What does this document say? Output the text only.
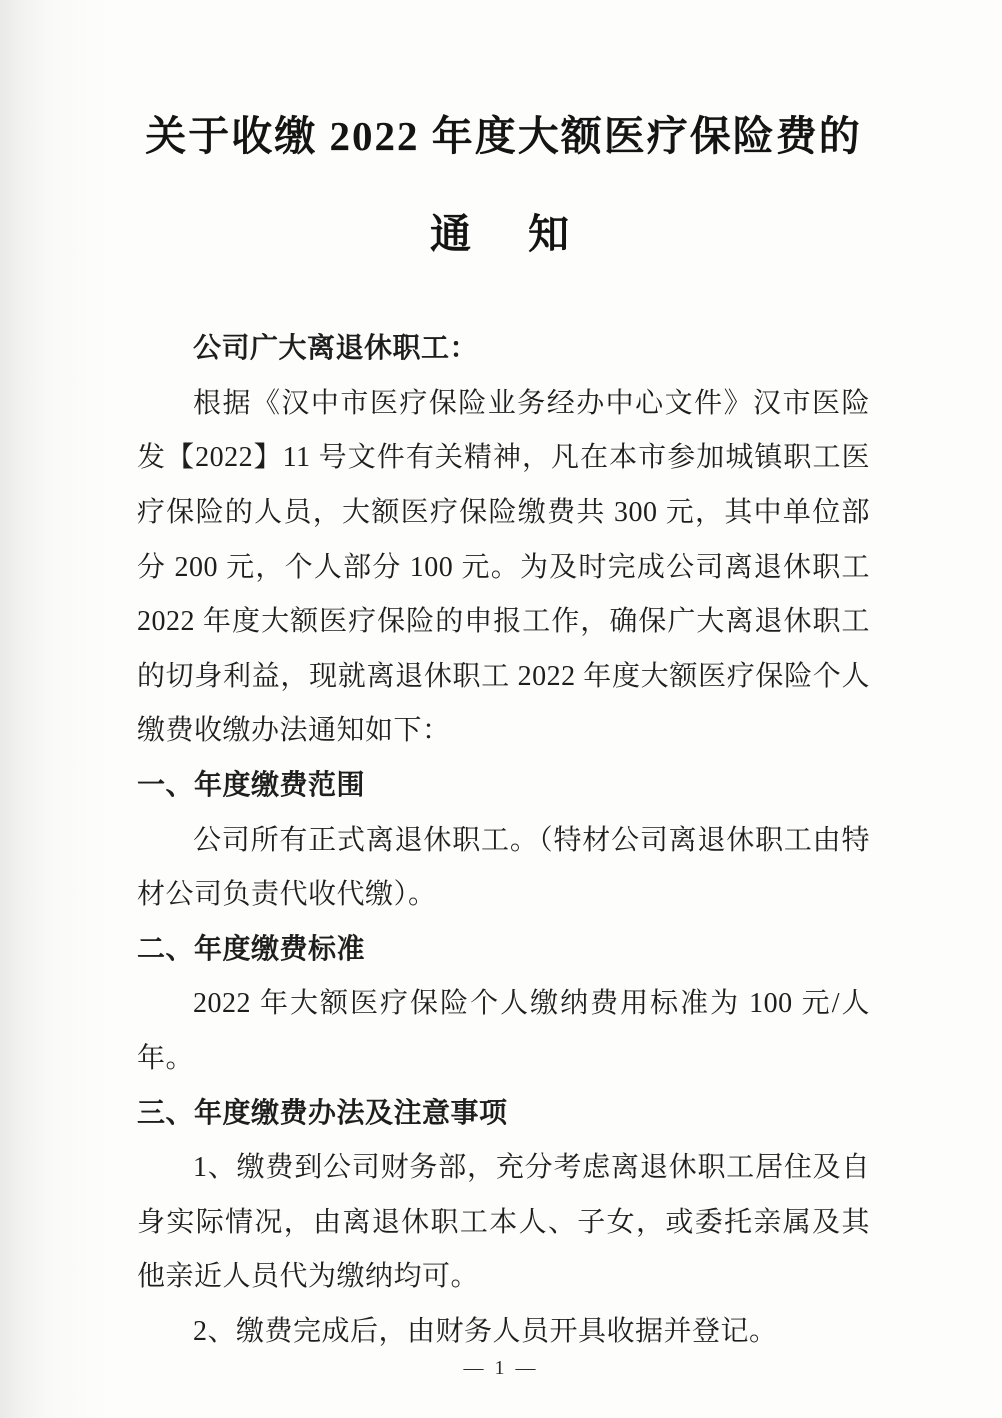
关于收缴 2022 年度大额医疗保险费的
通　知

公司广大离退休职工：

根据《汉中市医疗保险业务经办中心文件》汉市医险发【2022】11 号文件有关精神，凡在本市参加城镇职工医疗保险的人员，大额医疗保险缴费共 300 元，其中单位部分 200 元，个人部分 100 元。为及时完成公司离退休职工 2022 年度大额医疗保险的申报工作，确保广大离退休职工的切身利益，现就离退休职工 2022 年度大额医疗保险个人缴费收缴办法通知如下：

一、年度缴费范围

公司所有正式离退休职工。（特材公司离退休职工由特材公司负责代收代缴）。

二、年度缴费标准

2022 年大额医疗保险个人缴纳费用标准为 100 元/人年。

三、年度缴费办法及注意事项

1、缴费到公司财务部，充分考虑离退休职工居住及自身实际情况，由离退休职工本人、子女，或委托亲属及其他亲近人员代为缴纳均可。

2、缴费完成后，由财务人员开具收据并登记。

— 1 —
